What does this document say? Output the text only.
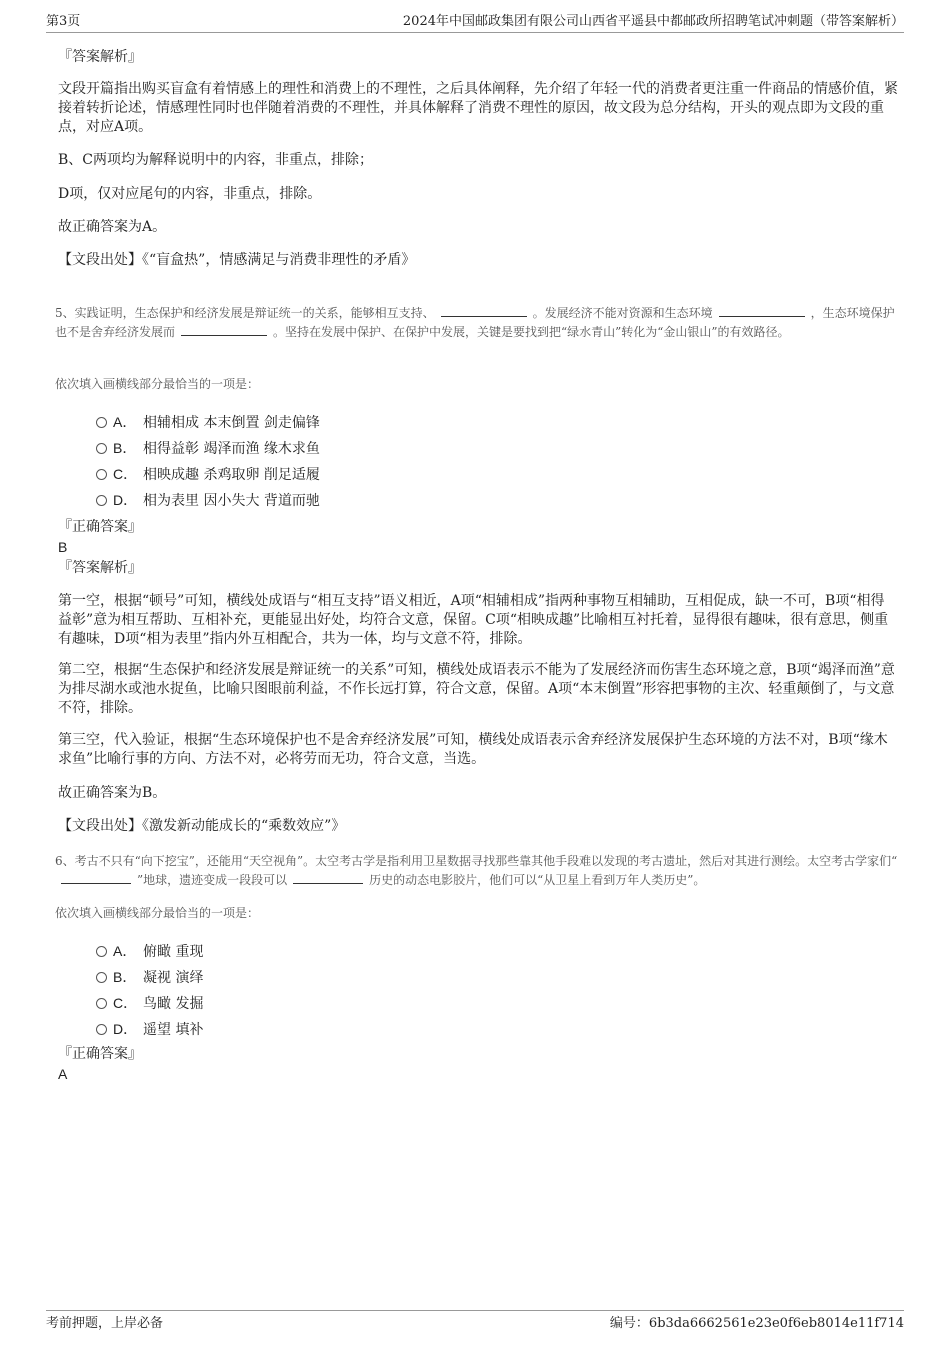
第3页	2024年中国邮政集团有限公司山西省平遥县中都邮政所招聘笔试冲刺题（带答案解析）
『答案解析』
文段开篇指出购买盲盒有着情感上的理性和消费上的不理性，之后具体阐释，先介绍了年轻一代的消费者更注重一件商品的情感价值，紧接着转折论述，情感理性同时也伴随着消费的不理性，并具体解释了消费不理性的原因，故文段为总分结构，开头的观点即为文段的重点，对应A项。
B、C两项均为解释说明中的内容，非重点，排除；
D项，仅对应尾句的内容，非重点，排除。
故正确答案为A。
【文段出处】《“盲盒热”，情感满足与消费非理性的矛盾》
5、实践证明，生态保护和经济发展是辩证统一的关系，能够相互支持、	。发展经济不能对资源和生态环境	，生态环境保护也不是舍弃经济发展而	。坚持在发展中保护、在保护中发展，关键是要找到把“绿水青山”转化为“金山银山”的有效路径。
依次填入画横线部分最恰当的一项是：
A． 相辅相成 本末倒置 剑走偏锋
B． 相得益彰 竭泽而渔 缘木求鱼
C． 相映成趣 杀鸡取卵 削足适履
D． 相为表里 因小失大 背道而驰
『正确答案』
B
『答案解析』
第一空，根据“顿号”可知，横线处成语与“相互支持”语义相近，A项“相辅相成”指两种事物互相辅助，互相促成，缺一不可，B项“相得益彰”意为相互帮助、互相补充，更能显出好处，均符合文意，保留。C项“相映成趣”比喻相互衬托着，显得很有趣味，很有意思，侧重有趣味，D项“相为表里”指内外互相配合，共为一体，均与文意不符，排除。
第二空，根据“生态保护和经济发展是辩证统一的关系”可知，横线处成语表示不能为了发展经济而伤害生态环境之意，B项“竭泽而渔”意为排尽湖水或池水捉鱼，比喻只图眼前利益，不作长远打算，符合文意，保留。A项“本末倒置”形容把事物的主次、轻重颠倒了，与文意不符，排除。
第三空，代入验证，根据“生态环境保护也不是舍弃经济发展”可知，横线处成语表示舍弃经济发展保护生态环境的方法不对，B项“缘木求鱼”比喻行事的方向、方法不对，必将劳而无功，符合文意，当选。
故正确答案为B。
【文段出处】《激发新动能成长的“乘数效应”》
6、考古不只有“向下挖宝”，还能用“天空视角”。太空考古学是指利用卫星数据寻找那些靠其他手段难以发现的考古遗址，然后对其进行测绘。太空考古学家们“”地球，遗迹变成一段段可以	历史的动态电影胶片，他们可以“从卫星上看到万年人类历史”。
依次填入画横线部分最恰当的一项是：
A． 俯瞰 重现
B． 凝视 演绎
C． 鸟瞰 发掘
D． 遥望 填补
『正确答案』
A
考前押题，上岸必备	编号：6b3da6662561e23e0f6eb8014e11f714
